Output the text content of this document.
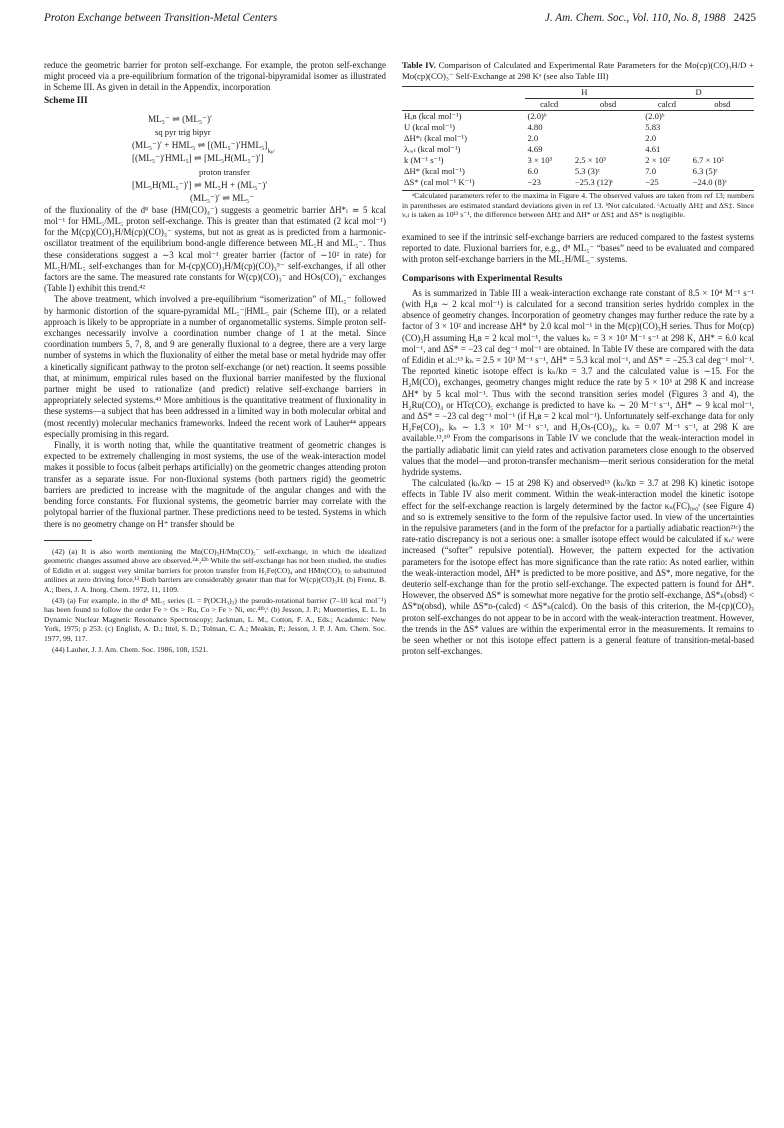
Proton Exchange between Transition-Metal Centers	J. Am. Chem. Soc., Vol. 110, No. 8, 1988 2425

reduce the geometric barrier for proton self-exchange. For example, the proton self-exchange might proceed via a pre-equilibrium formation of the trigonal-bipyramidal isomer as illustrated in Scheme III. As given in detail in the Appendix, incorporation

Scheme III

ML₅⁻ ⇌ (ML₅⁻)′

sq pyr trig bipyr

(ML₅⁻)′ + HML₅ ⇌ [(ML₅⁻)′HML₅]

[(ML₅⁻)′HML₅] ⇌ $[ML_5H(ML_5^-)']^{k_pᵗ}$

proton transfer

[ML₅H(ML₅⁻)′] ⇌ ML₅H + (ML₅⁻)′

(ML₅⁻)′ ⇌ ML₅⁻

of the fluxionality of the d⁸ base (HM(CO)₄⁻) suggests a geometric barrier ΔH*ₗ ≃ 5 kcal mol⁻¹ for HML₅/ML₅ proton self-exchange. This is greater than that estimated (2 kcal mol⁻¹) for the M(cp)(CO)₃H/M(cp)(CO)₃⁻ systems, but not as great as is predicted from a harmonic-oscillator treatment of the equilibrium bond-angle difference between ML₅H and ML₅⁻. Thus these considerations suggest a ∼3 kcal mol⁻¹ greater barrier (factor of ∼10² in rate) for ML₅H/ML₅ self-exchanges than for M-(cp)(CO)₃H/M(cp)(CO)₃⁵⁻ self-exchanges, if all other factors are the same. The measured rate constants for W(cp)(CO)₃⁻ and HOs(CO)₄⁻ exchanges (Table I) exhibit this trend.⁴²

The above treatment, which involved a pre-equilibrium “isomerization” of ML₅⁻ followed by harmonic distortion of the square-pyramidal ML₅⁻|HML₅ pair (Scheme III), or a related approach is likely to be appropriate in a number of organometallic systems. Simple proton self-exchanges necessarily involve a coordination number change of 1 at the metal. Since coordination numbers 5, 7, 8, and 9 are generally fluxional to a degree, there are a very large number of systems in which the fluxionality of either the metal base or metal hydride may offer a kinetically significant pathway to the proton self-exchange (or net) reaction. It seems possible that, at minimum, empirical rules based on the fluxional barrier manifested by the fluxional partner might be used to rationalize (and predict) relative self-exchange barriers in appropriately selected systems.⁴³ More ambitious is the quantitative treatment of fluxionality in these systems—a subject that has been addressed in a limited way in both molecular orbital and (most recently) molecular mechanics frameworks. Indeed the recent work of Lauher⁴⁴ appears especially promising in this regard.

Finally, it is worth noting that, while the quantitative treatment of geometric changes is expected to be extremely challenging in most systems, the use of the weak-interaction model makes it possible to focus (albeit perhaps artificially) on the geometric changes attending proton transfer as a separate issue. For non-fluxional systems (both partners rigid) the geometric barriers are predicted to increase with the magnitude of the angular changes and with the bending force constants. For fluxional systems, the geometric barrier may correlate with the polytopal barrier of the fluxional partner. These predictions need to be tested. Systems in which there is no geometry change on H⁺ transfer should be

(42) (a) It is also worth mentioning the Mn(CO)₅H/Mn(CO)₅⁻ self-exchange, in which the idealized geometric changes assumed above are observed.²⁴ᶜ,⁴²ᵇ While the self-exchange has not been studied, the studies of Edidin et al. suggest very similar barriers for proton transfer from H₂Fe(CO)₄ and HMn(CO)₅ to substituted anilines at zero driving force.¹³ Both barriers are considerably greater than that for W(cp)(CO)₃H. (b) Frenz, B. A.; Ibers, J. A. Inorg. Chem. 1972, 11, 1109.

(43) (a) For example, in the d⁸ ML₅ series (L = P(OCH₃)₃) the pseudo-rotational barrier (7–10 kcal mol⁻¹) has been found to follow the order Fe > Os > Ru, Co > Fe > Ni, etc.⁴³ᵇ,ᶜ (b) Jesson, J. P.; Muetterties, E. L. In Dynamic Nuclear Magnetic Resonance Spectroscopy; Jackman, L. M., Cotton, F. A., Eds.; Academic: New York, 1975; p 253. (c) English, A. D.; Ittel, S. D.; Tolman, C. A.; Meakin, P.; Jesson, J. P. J. Am. Chem. Soc. 1977, 99, 117.

(44) Lauher, J. J. Am. Chem. Soc. 1986, 108, 1521.

Table IV. Comparison of Calculated and Experimental Rate Parameters for the Mo(cp)(CO)₃H/D + Mo(cp)(CO)₃⁻ Self-Exchange at 298 Kᵃ (see also Table III)
	H		D	
	calcd	obsd	calcd	obsd
Hₐʙ (kcal mol⁻¹)	(2.0)ᵇ		(2.0)ᵇ	
U (kcal mol⁻¹)	4.80		5.83	
ΔH*ₗ (kcal mol⁻¹)	2.0		2.0	
λₒᵤₜ (kcal mol⁻¹)	4.69		4.61	
k (M⁻¹ s⁻¹)	3 × 10³	2.5 × 10³	2 × 10²	6.7 × 10²
ΔH* (kcal mol⁻¹)	6.0	5.3 (3)ᶜ	7.0	6.3 (5)ᶜ
ΔS* (cal mol⁻¹ K⁻¹)	−23	−25.3 (12)ᶜ	−25	−24.0 (8)ᶜ

ᵃCalculated parameters refer to the maxima in Figure 4. The observed values are taken from ref 13; numbers in parentheses are estimated standard deviations given in ref 13. ᵇNot calculated. ᶜActually ΔH‡ and ΔS‡. Since νₑₗ is taken as 10¹³ s⁻¹, the difference between ΔH‡ and ΔH* or ΔS‡ and ΔS* is negligible.

examined to see if the intrinsic self-exchange barriers are reduced compared to the fastest systems reported to date. Fluxional barriers for, e.g., d⁸ ML₅⁻ “bases” need to be evaluated and compared with proton self-exchange barriers in the ML₅H/ML₅⁻ systems.

Comparisons with Experimental Results

As is summarized in Table III a weak-interaction exchange rate constant of 8.5 × 10⁴ M⁻¹ s⁻¹ (with Hₐʙ ∼ 2 kcal mol⁻¹) is calculated for a second transition series hydrido complex in the absence of geometry changes. Incorporation of geometry changes may further reduce the rate by a factor of 3 × 10² and increase ΔH* by 2.0 kcal mol⁻¹ in the M(cp)(CO)₃H series. Thus for Mo(cp)(CO)₃H assuming Hₐʙ = 2 kcal mol⁻¹, the values kₕ = 3 × 10³ M⁻¹ s⁻¹ at 298 K, ΔH* = 6.0 kcal mol⁻¹, and ΔS* = −23 cal deg⁻¹ mol⁻¹ are obtained. In Table IV these are compared with the data of Edidin et al.:¹³ kₕ = 2.5 × 10³ M⁻¹ s⁻¹, ΔH* = 5.3 kcal mol⁻¹, and ΔS* = −25.3 cal deg⁻¹ mol⁻¹. The reported kinetic isotope effect is kₕ/kᴅ = 3.7 and the calculated value is ∼15. For the H₂M(CO)₄ exchanges, geometry changes might reduce the rate by 5 × 10³ at 298 K and increase ΔH* by 5 kcal mol⁻¹. Thus with the second transition series model (Figures 3 and 4), the H₂Ru(CO)₄ or HTc(CO)₅ exchange is predicted to have kₕ ∼ 20 M⁻¹ s⁻¹, ΔH* ∼ 9 kcal mol⁻¹, and ΔS* = −23 cal deg⁻¹ mol⁻¹ (if Hₐʙ = 2 kcal mol⁻¹). Unfortunately self-exchange data for only H₂Fe(CO)₄, kₕ ∼ 1.3 × 10³ M⁻¹ s⁻¹, and H₂Os-(CO)₄, kₕ = 0.07 M⁻¹ s⁻¹, at 298 K are available.¹³,¹⁰ From the comparisons in Table IV we conclude that the weak-interaction model in the partially adiabatic limit can yield rates and activation parameters close enough to the observed values that the model—and proton-transfer mechanism—merit serious consideration for the metal hydride systems.

The calculated (kₕ/kᴅ ∼ 15 at 298 K) and observed¹³ (kₕ/kᴅ = 3.7 at 298 K) kinetic isotope effects in Table IV also merit comment. Within the weak-interaction model the kinetic isotope effect for the self-exchange reaction is largely determined by the factor κₙ(FC)₀,₀ʳ (see Figure 4) and so is extremely sensitive to the form of the repulsive factor used. In view of the uncertainties in the repulsive parameters (and in the form of the prefactor for a partially adiabatic reaction²¹ᶜ) the rate-ratio discrepancy is not a serious one: a smaller isotope effect would be calculated if κₙʳ were increased (“softer” repulsive potential). However, the pattern expected for the activation parameters for the isotope effect has more significance than the rate ratio: As noted earlier, within the weak-interaction model, ΔH* is predicted to be more positive, and ΔS*, more negative, for the deuterio self-exchange than for the protio self-exchange. The expected pattern is found for ΔH*. However, the observed ΔS* is somewhat more negative for the protio self-exchange, ΔS*ₕ(obsd) < ΔS*ᴅ(obsd), while ΔS*ᴅ-(calcd) < ΔS*ₕ(calcd). On the basis of this criterion, the M-(cp)(CO)₃ proton self-exchanges do not appear to be in accord with the weak-interaction treatment. However, the trends in the ΔS* values are within the experimental error in the measurements. It remains to be seen whether or not this isotope effect pattern is a general feature of transition-metal-based proton self-exchanges.
